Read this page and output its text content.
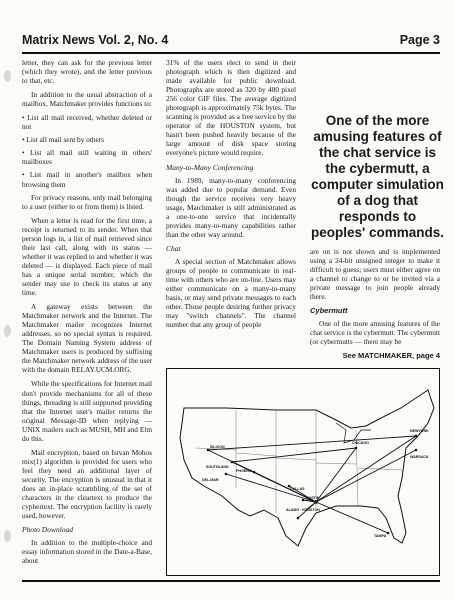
Matrix News Vol. 2, No. 4	Page 3

letter, they can ask for the previous letter (which they wrote), and the letter previous to that, etc.

In addition to the usual abstraction of a mailbox, Matchmaker provides functions to:

• List all mail received, whether deleted or not

• List all mail sent by others

• List all mail still waiting in others' mailboxes

• List mail in another's mailbox when browsing them

For privacy reasons, only mail belonging to a user (either to or from them) is listed.

When a letter is read for the first time, a receipt is returned to its sender. When that person logs in, a list of mail retrieved since their last call, along with its status — whether it was replied to and whether it was deleted — is displayed. Each piece of mail has a unique serial number, which the sender may use to check its status at any time.

A gateway exists between the Matchmaker network and the Internet. The Matchmaker mailer recognizes Internet addresses, so no special syntax is required. The Domain Naming System address of Matchmaker users is produced by suffixing the Matchmaker network address of the user with the domain RELAY.UCM.ORG.

While the specifications for Internet mail don't provide mechanisms for all of these things, threading is still supported providing that the Internet user's mailer returns the original Message-ID when replying — UNIX mailers such as MUSH, MH and Elm do this.

Mail encryption, based on Istvan Mohos mix(1) algorithm is provided for users who feel they need an additional layer of security. The encryption is unusual in that it does an in-place scrambling of the set of characters in the cleartext to produce the cyphertext. The encryption facility is rarely used, however.

Photo Download

In addition to the multiple-choice and essay information stored in the Date-a-Base, about

31% of the users elect to send in their photograph which is then digitized and made available for public download. Photographs are stored as 320 by 480 pixel 256 color GIF files. The average digitized photograph is approximately 75k bytes. The scanning is provided as a free service by the operator of the HOUSTON system, but hasn't been pushed heavily because of the large amount of disk space storing everyone's picture would require.

Many-to-Many Conferencing

In 1989, many-to-many conferencing was added due to popular demand. Even though the service receives very heavy usage, Matchmaker is still administrated as a one-to-one service that incidentally provides many-to-many capabilities rather than the other way around.

Chat

A special section of Matchmaker allows groups of people to communicate in real-time with others who are on-line. Users may either communicate on a many-to-many basis, or may send private messages to each other. Those people desiring further privacy may "switch channels". The channel number that any group of people

One of the more amusing features of the chat service is the cybermutt, a computer simulation of a dog that responds to peoples' commands.

are on is not shown and is implemented using a 24-bit unsigned integer to make it difficult to guess; users must either agree on a channel to change to or be invited via a private message to join people already there.

Cybermutt

One of the more amusing features of the chat service is the cybermutt. The cybermutt (or cybermutts — there may be

See MATCHMAKER, page 4
CHICAGO
NEWYORK
WARSACK
SILICON
SOUTHLAND
PHOENIX
DEL-MAR
DALLAS
AUSTIN
ALAMO HOUSTON
TAMPA
